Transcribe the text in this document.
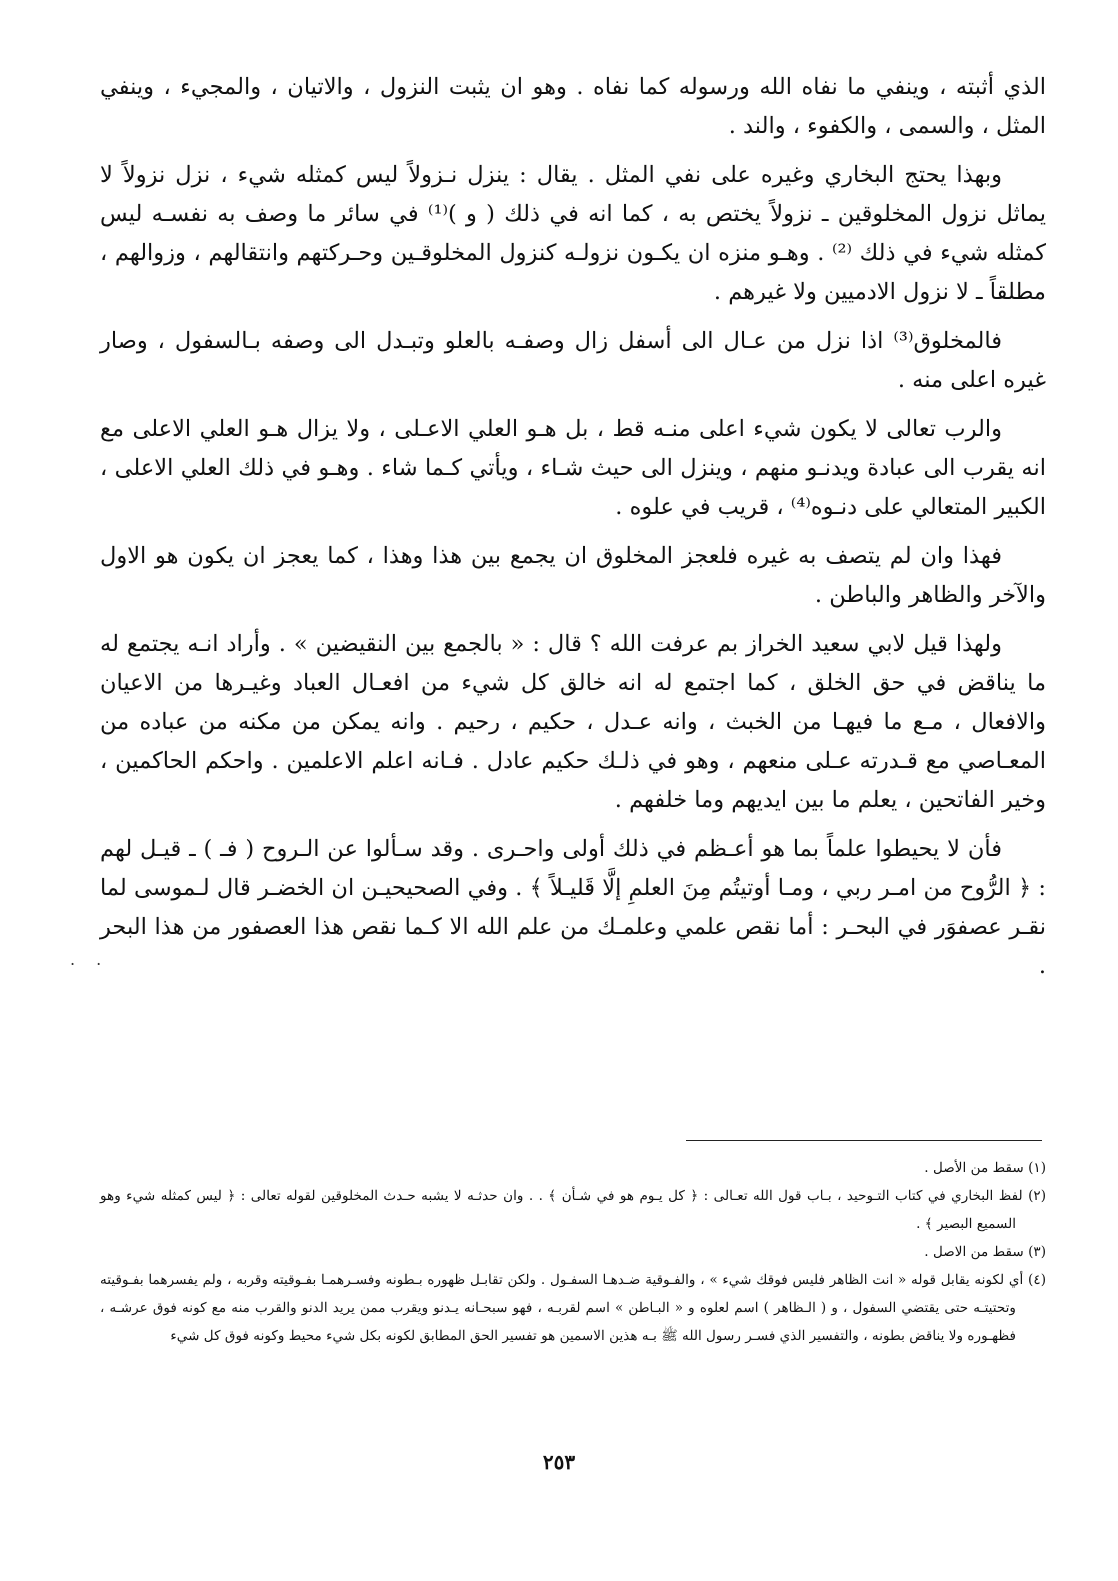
الذي أثبته ، وينفي ما نفاه الله ورسوله كما نفاه . وهو ان يثبت النزول ، والاتيان ، والمجيء ، وينفي المثل ، والسمى ، والكفوء ، والند .

وبهذا يحتج البخاري وغيره على نفي المثل . يقال : ينزل نـزولاً ليس كمثله شيء ، نزل نزولاً لا يماثل نزول المخلوقين ـ نزولاً يختص به ، كما انه في ذلك ( و )⁽¹⁾ في سائر ما وصف به نفسـه ليس كمثله شيء في ذلك ⁽²⁾ . وهـو منزه ان يكـون نزولـه كنزول المخلوقـين وحـركتهم وانتقالهم ، وزوالهم ، مطلقاً ـ لا نزول الادميين ولا غيرهم .

فالمخلوق⁽³⁾ اذا نزل من عـال الى أسفل زال وصفـه بالعلو وتبـدل الى وصفه بـالسفول ، وصار غيره اعلى منه .

والرب تعالى لا يكون شيء اعلى منـه قط ، بل هـو العلي الاعـلى ، ولا يزال هـو العلي الاعلى مع انه يقرب الى عبادة ويدنـو منهم ، وينزل الى حيث شـاء ، ويأتي كـما شاء . وهـو في ذلك العلي الاعلى ، الكبير المتعالي على دنـوه⁽⁴⁾ ، قريب في علوه .

فهذا وان لم يتصف به غيره فلعجز المخلوق ان يجمع بين هذا وهذا ، كما يعجز ان يكون هو الاول والآخر والظاهر والباطن .

ولهذا قيل لابي سعيد الخراز بم عرفت الله ؟ قال : « بالجمع بين النقيضين » . وأراد انـه يجتمع له ما يناقض في حق الخلق ، كما اجتمع له انه خالق كل شيء من افعـال العباد وغيـرها من الاعيان والافعال ، مـع ما فيهـا من الخبث ، وانه عـدل ، حكيم ، رحيم . وانه يمكن من مكنه من عباده من المعـاصي مع قـدرته عـلى منعهم ، وهو في ذلـك حكيم عادل . فـانه اعلم الاعلمين . واحكم الحاكمين ، وخير الفاتحين ، يعلم ما بين ايديهم وما خلفهم .

فأن لا يحيطوا علماً بما هو أعـظم في ذلك أولى واحـرى . وقد سـألوا عن الـروح ( فـ ) ـ قيـل لهم : ﴿ الرُّوح من امـر ربي ، ومـا أوتيتُم مِنَ العلمِ إلَّا قَليـلاً ﴾ . وفي الصحيحيـن ان الخضـر قال لـموسى لما نقـر عصفوَر في البحـر : أما نقص علمي وعلمـك من علم الله الا كـما نقص هذا العصفور من هذا البحر .

. .

(١) سقط من الأصل .

(٢) لفظ البخاري في كتاب التـوحيد ، بـاب قول الله تعـالى : ﴿ كل يـوم هو في شـأن ﴾ . . وان حدثـه لا يشبه حـدث المخلوقين لقوله تعالى : ﴿ ليس كمثله شيء وهو السميع البصير ﴾ .

(٣) سقط من الاصل .

(٤) أي لكونه يقابل قوله « انت الظاهر فليس فوقك شيء » ، والفـوقية ضـدهـا السفـول . ولكن تقابـل ظهوره بـطونه وفسـرهمـا بفـوقيته وقربه ، ولم يفسرهما بفـوقيته وتحتيتـه حتى يقتضي السفول ، و ( الـظاهر ) اسم لعلوه و « البـاطن » اسم لقربـه ، فهو سبحـانه يـدنو ويقرب ممن يريد الدنو والقرب منه مع كونه فوق عرشـه ، فظهـوره ولا يناقض بطونه ، والتفسير الذي فسـر رسول الله ﷺ بـه هذين الاسمين هو تفسير الحق المطابق لكونه بكل شيء محيط وكونه فوق كل شيء

٢٥٣
